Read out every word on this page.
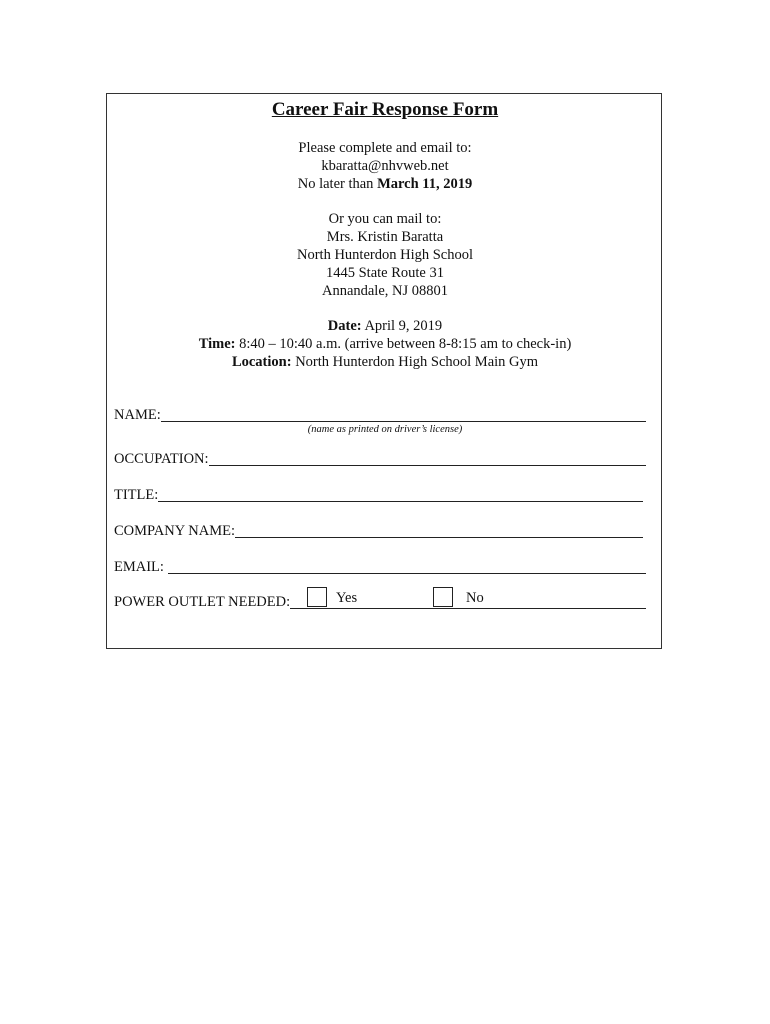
Career Fair Response Form
Please complete and email to:
kbaratta@nhvweb.net
No later than March 11, 2019
Or you can mail to:
Mrs. Kristin Baratta
North Hunterdon High School
1445 State Route 31
Annandale, NJ 08801
Date: April 9, 2019
Time: 8:40 – 10:40 a.m. (arrive between 8-8:15 am to check-in)
Location: North Hunterdon High School Main Gym
NAME:
(name as printed on driver’s license)
OCCUPATION:
TITLE:
COMPANY NAME:
EMAIL:
POWER OUTLET NEEDED:	Yes	No
